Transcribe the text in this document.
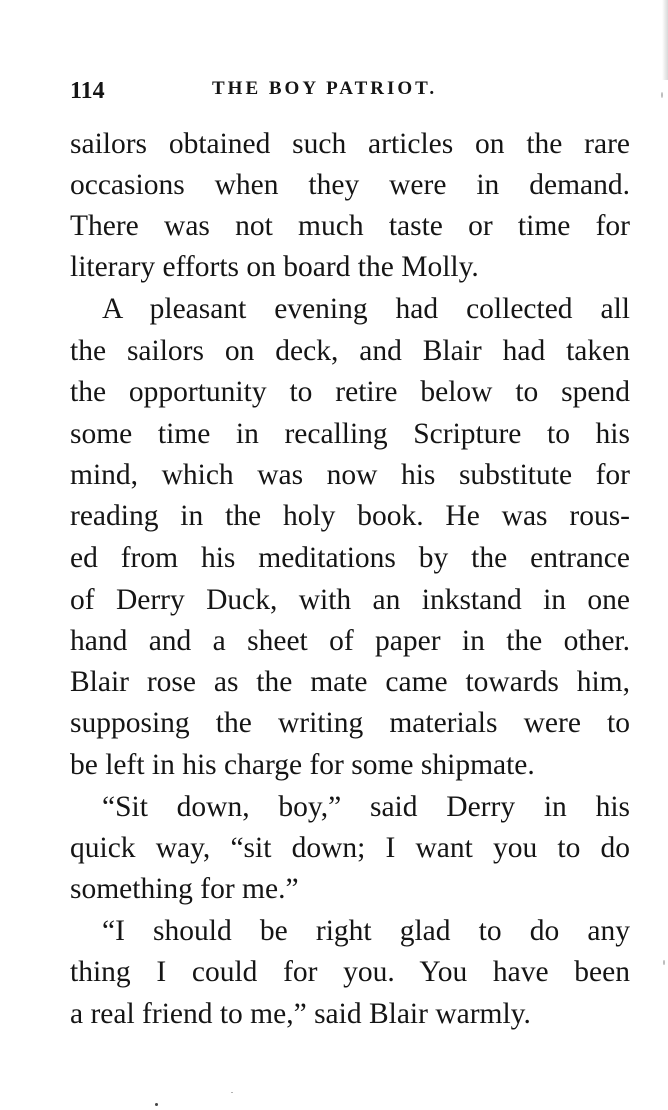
114	THE BOY PATRIOT.
sailors obtained such articles on the rare
occasions when they were in demand.
There was not much taste or time for
literary efforts on board the Molly.
A pleasant evening had collected all
the sailors on deck, and Blair had taken
the opportunity to retire below to spend
some time in recalling Scripture to his
mind, which was now his substitute for
reading in the holy book. He was rous-
ed from his meditations by the entrance
of Derry Duck, with an inkstand in one
hand and a sheet of paper in the other.
Blair rose as the mate came towards him,
supposing the writing materials were to
be left in his charge for some shipmate.
“Sit down, boy,” said Derry in his
quick way, “sit down; I want you to do
something for me.”
“I should be right glad to do any
thing I could for you. You have been
a real friend to me,” said Blair warmly.
